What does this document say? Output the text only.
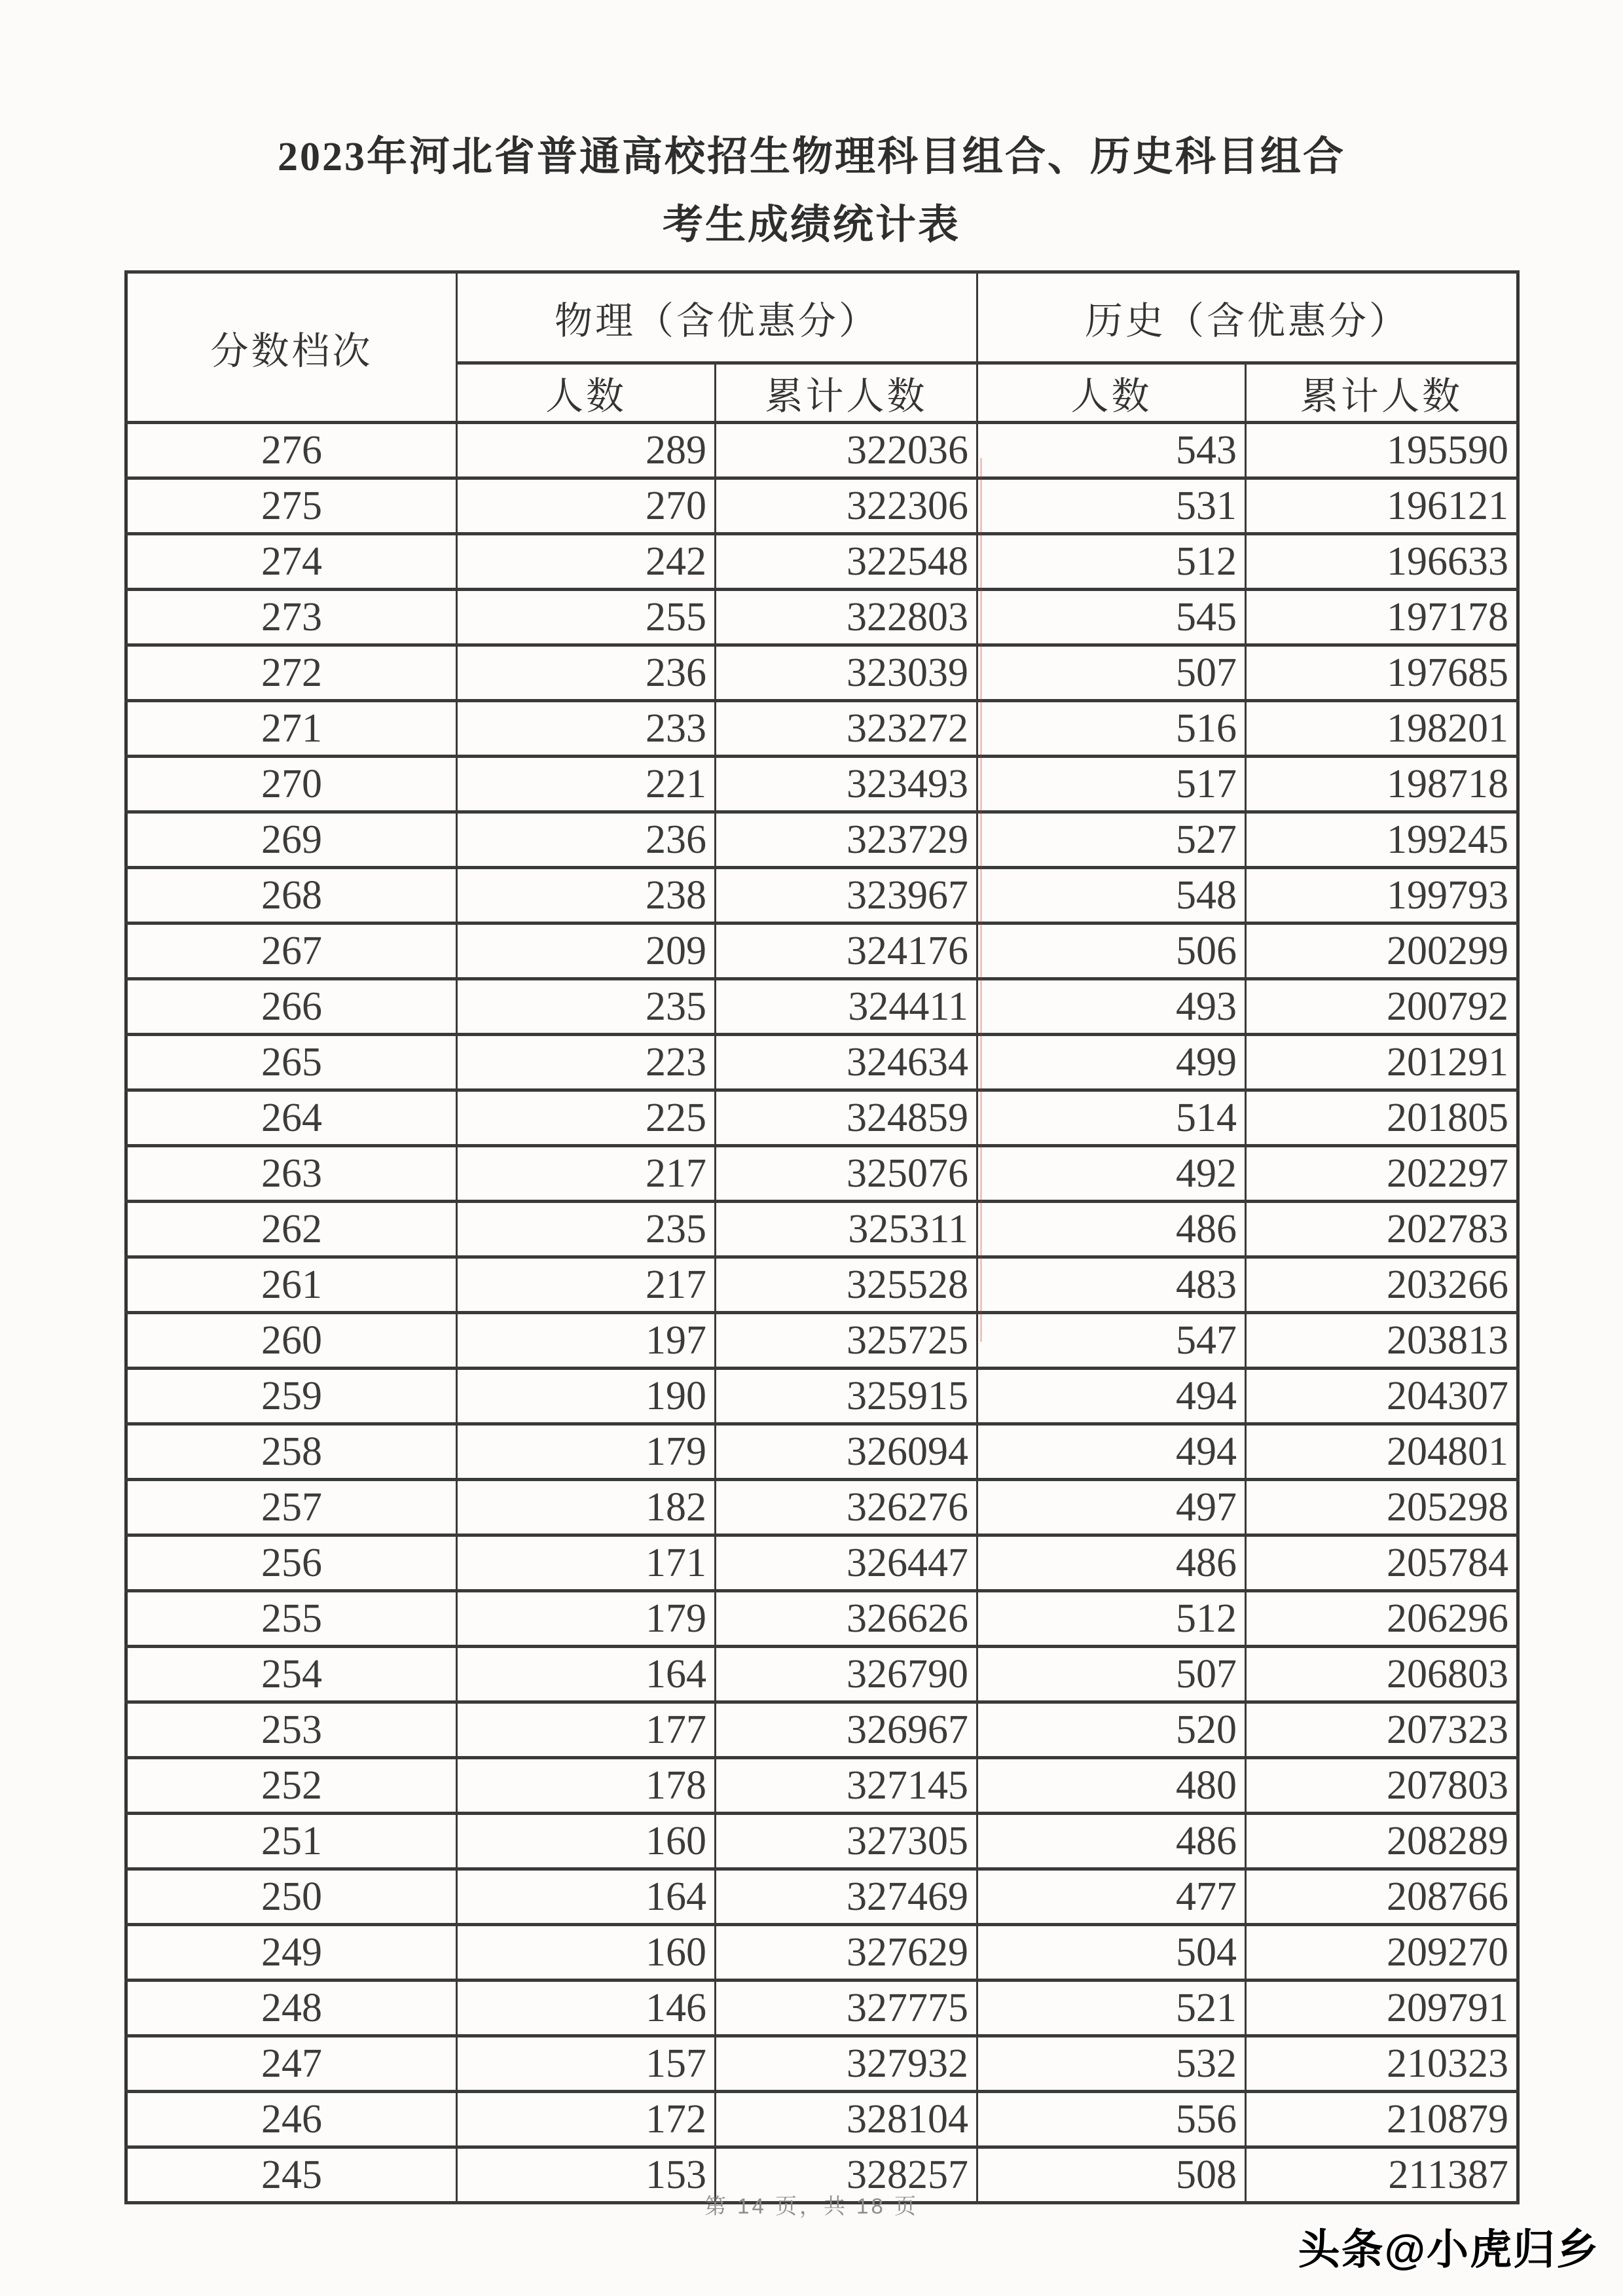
2023年河北省普通高校招生物理科目组合、历史科目组合
考生成绩统计表
分数档次	物理（含优惠分）		历史（含优惠分）	
	人数	累计人数	人数	累计人数
276	289	322036	543	195590
275	270	322306	531	196121
274	242	322548	512	196633
273	255	322803	545	197178
272	236	323039	507	197685
271	233	323272	516	198201
270	221	323493	517	198718
269	236	323729	527	199245
268	238	323967	548	199793
267	209	324176	506	200299
266	235	324411	493	200792
265	223	324634	499	201291
264	225	324859	514	201805
263	217	325076	492	202297
262	235	325311	486	202783
261	217	325528	483	203266
260	197	325725	547	203813
259	190	325915	494	204307
258	179	326094	494	204801
257	182	326276	497	205298
256	171	326447	486	205784
255	179	326626	512	206296
254	164	326790	507	206803
253	177	326967	520	207323
252	178	327145	480	207803
251	160	327305	486	208289
250	164	327469	477	208766
249	160	327629	504	209270
248	146	327775	521	209791
247	157	327932	532	210323
246	172	328104	556	210879
245	153	328257	508	211387
第 14 页，共 18 页
头条@小虎归乡
